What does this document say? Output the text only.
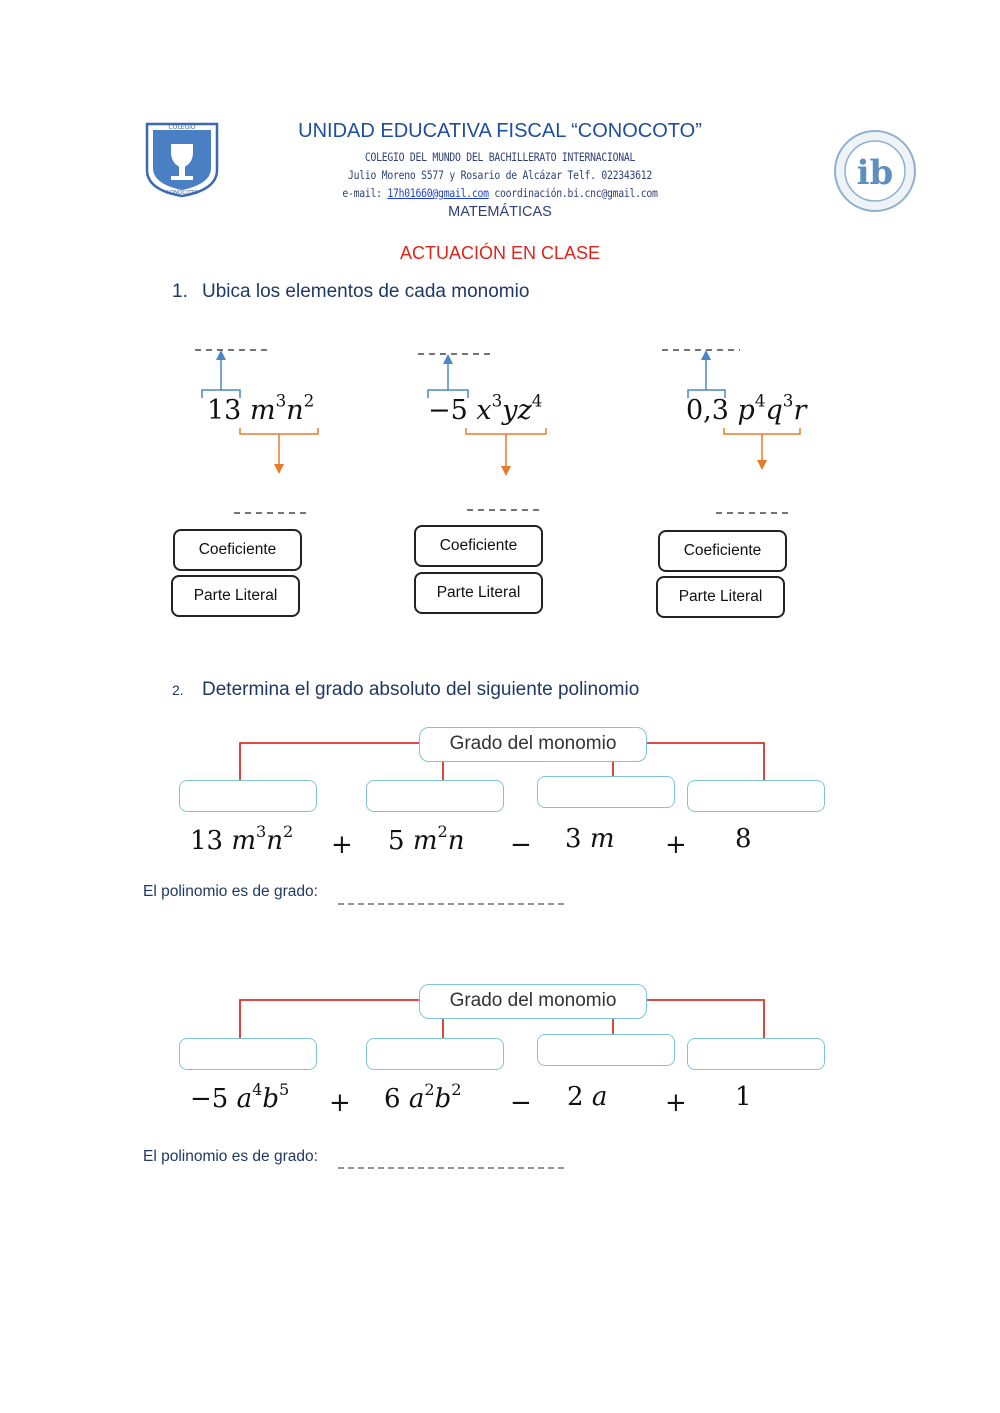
COLEGIO
CONOCOTO	ib
UNIDAD EDUCATIVA FISCAL “CONOCOTO”
COLEGIO DEL MUNDO DEL BACHILLERATO INTERNACIONAL
Julio Moreno S577 y Rosario de Alcázar Telf. 022343612
e-mail: 17h01660@gmail.com coordinación.bi.cnc@gmail.com
MATEMÁTICAS
ACTUACIÓN EN CLASE
1. Ubica los elementos de cada monomio
13 $m^3n^2$	−5 $x^3yz^4$	0,3 $p^4q^3r$
Coeficiente
Parte Literal
Coeficiente
Parte Literal
Coeficiente
Parte Literal
2. Determina el grado absoluto del siguiente polinomio
Grado del monomio
13 $m^3n^2 + 5$ $m^2n - 3$ m + 8
El polinomio es de grado:
Grado del monomio
−5 $a^4b^5 + 6$ $a^2b^2 - 2$ a + 1
El polinomio es de grado:
